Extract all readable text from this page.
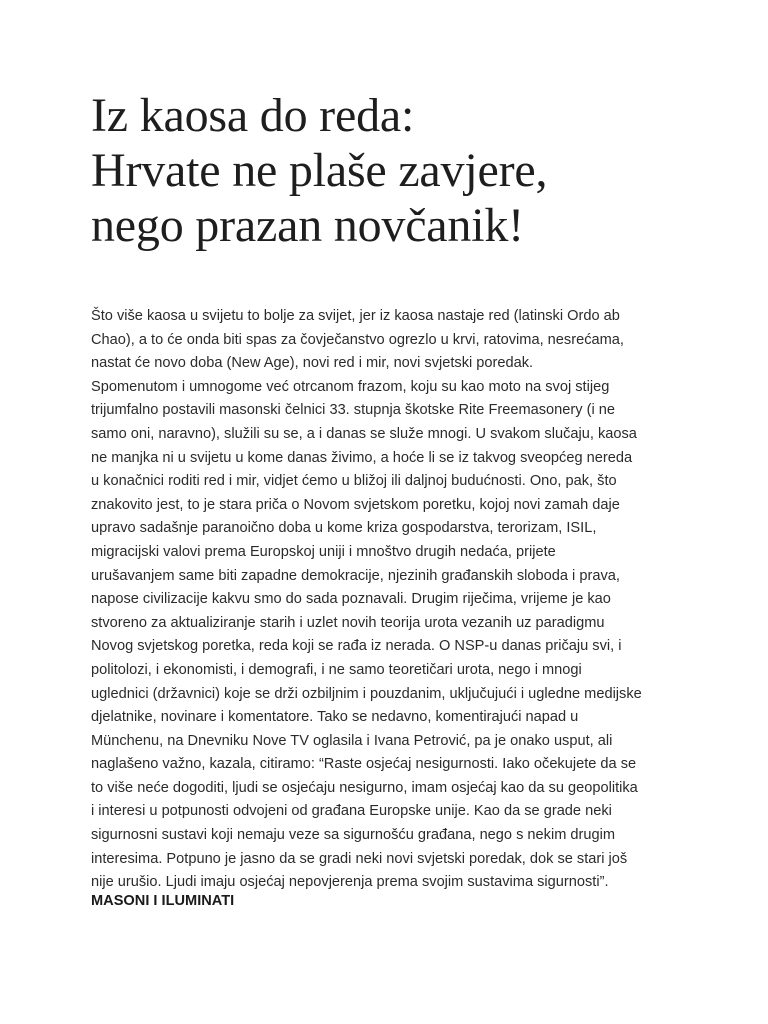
Iz kaosa do reda:
Hrvate ne plaše zavjere,
nego prazan novčanik!
Što više kaosa u svijetu to bolje za svijet, jer iz kaosa nastaje red (latinski Ordo ab
Chao), a to će onda biti spas za čovječanstvo ogrezlo u krvi, ratovima, nesrećama,
nastat će novo doba (New Age), novi red i mir, novi svjetski poredak.
Spomenutom i umnogome već otrcanom frazom, koju su kao moto na svoj stijeg
trijumfalno postavili masonski čelnici 33. stupnja škotske Rite Freemasonery (i ne
samo oni, naravno), služili su se, a i danas se služe mnogi. U svakom slučaju, kaosa
ne manjka ni u svijetu u kome danas živimo, a hoće li se iz takvog sveopćeg nereda
u konačnici roditi red i mir, vidjet ćemo u bližoj ili daljnoj budućnosti. Ono, pak, što
znakovito jest, to je stara priča o Novom svjetskom poretku, kojoj novi zamah daje
upravo sadašnje paranoično doba u kome kriza gospodarstva, terorizam, ISIL,
migracijski valovi prema Europskoj uniji i mnoštvo drugih nedaća, prijete
urušavanjem same biti zapadne demokracije, njezinih građanskih sloboda i prava,
napose civilizacije kakvu smo do sada poznavali. Drugim riječima, vrijeme je kao
stvoreno za aktualiziranje starih i uzlet novih teorija urota vezanih uz paradigmu
Novog svjetskog poretka, reda koji se rađa iz nerada. O NSP-u danas pričaju svi, i
politolozi, i ekonomisti, i demografi, i ne samo teoretičari urota, nego i mnogi
uglednici (državnici) koje se drži ozbiljnim i pouzdanim, uključujući i ugledne medijske
djelatnike, novinare i komentatore. Tako se nedavno, komentirajući napad u
Münchenu, na Dnevniku Nove TV oglasila i Ivana Petrović, pa je onako usput, ali
naglašeno važno, kazala, citiramo: “Raste osjećaj nesigurnosti. Iako očekujete da se
to više neće dogoditi, ljudi se osjećaju nesigurno, imam osjećaj kao da su geopolitika
i interesi u potpunosti odvojeni od građana Europske unije. Kao da se grade neki
sigurnosni sustavi koji nemaju veze sa sigurnošću građana, nego s nekim drugim
interesima. Potpuno je jasno da se gradi neki novi svjetski poredak, dok se stari još
nije urušio. Ljudi imaju osjećaj nepovjerenja prema svojim sustavima sigurnosti”.
MASONI I ILUMINATI
